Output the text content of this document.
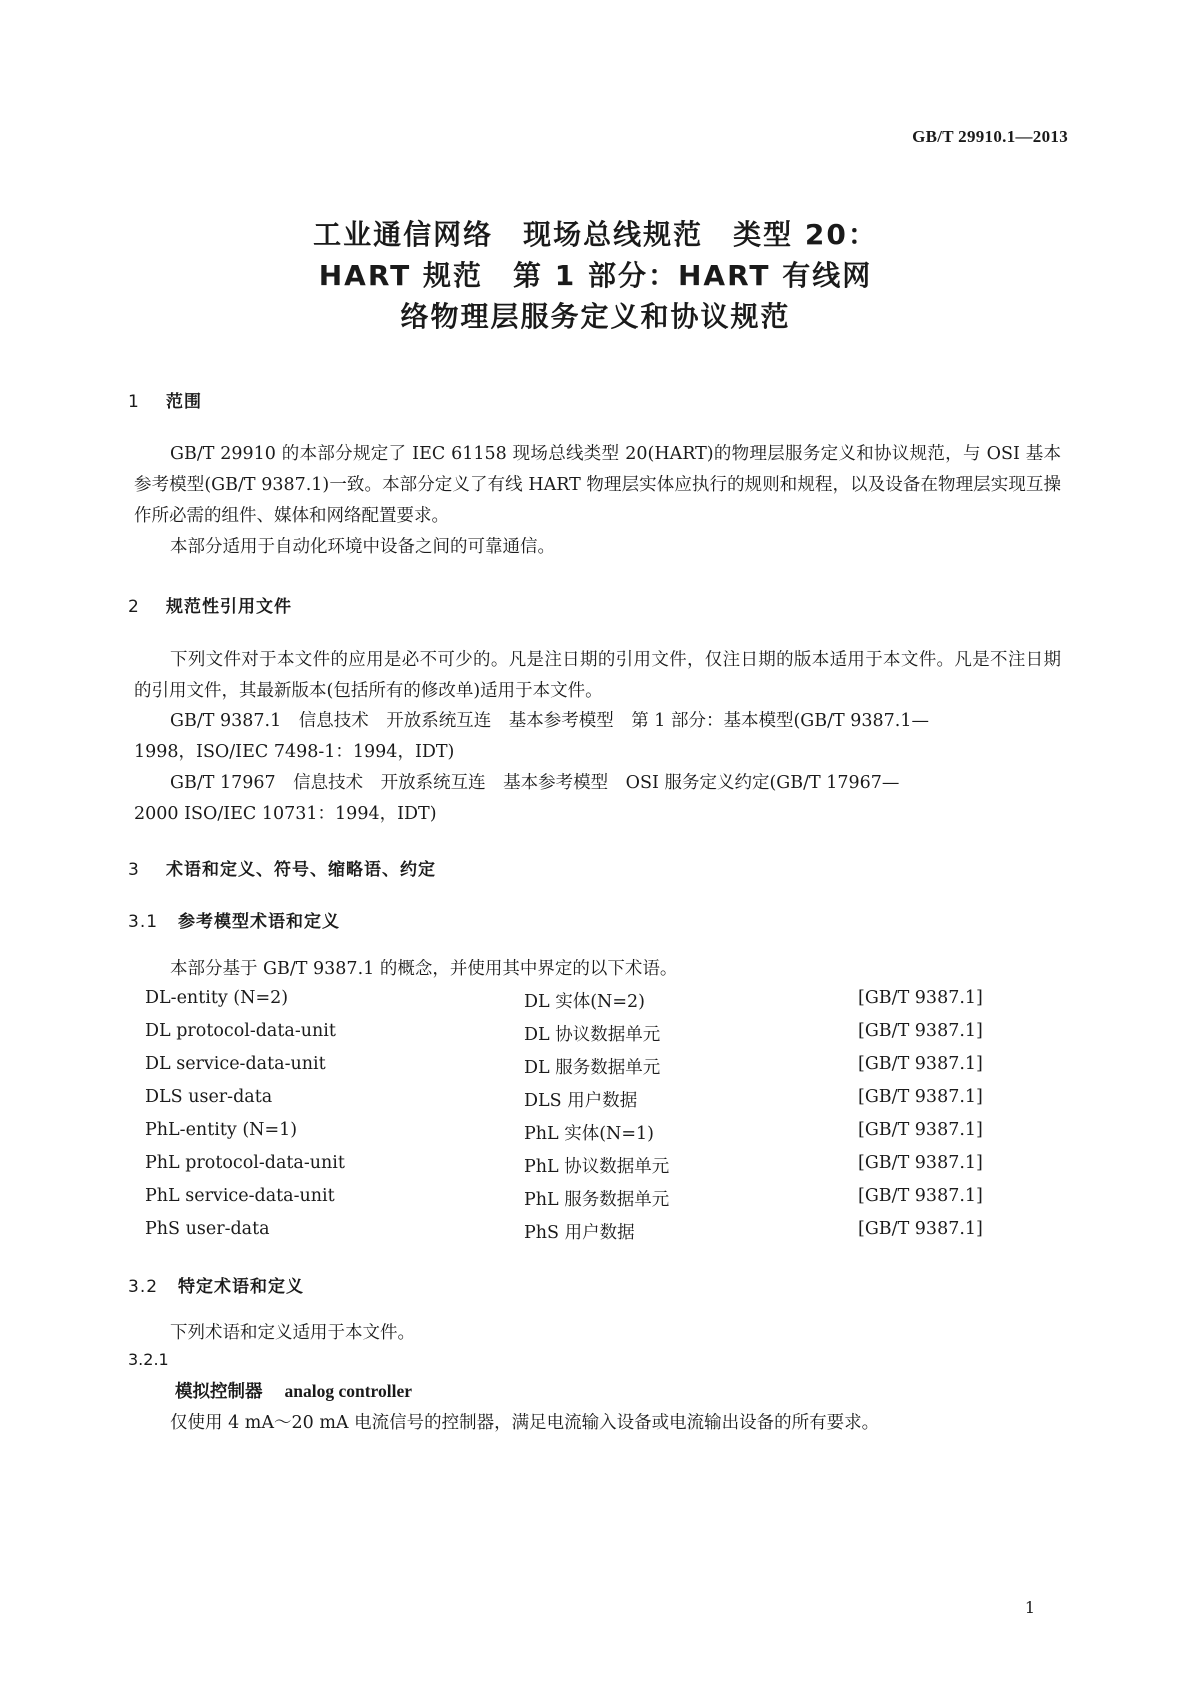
GB/T 29910.1—2013
工业通信网络　现场总线规范　类型 20：
HART 规范　第 1 部分：HART 有线网
络物理层服务定义和协议规范
1 范围
GB/T 29910 的本部分规定了 IEC 61158 现场总线类型 20(HART)的物理层服务定义和协议规范，与 OSI 基本参考模型(GB/T 9387.1)一致。本部分定义了有线 HART 物理层实体应执行的规则和规程，以及设备在物理层实现互操作所必需的组件、媒体和网络配置要求。
本部分适用于自动化环境中设备之间的可靠通信。
2 规范性引用文件
下列文件对于本文件的应用是必不可少的。凡是注日期的引用文件，仅注日期的版本适用于本文件。凡是不注日期的引用文件，其最新版本(包括所有的修改单)适用于本文件。
GB/T 9387.1　信息技术　开放系统互连　基本参考模型　第 1 部分：基本模型(GB/T 9387.1—
1998，ISO/IEC 7498-1：1994，IDT)
GB/T 17967　信息技术　开放系统互连　基本参考模型　OSI 服务定义约定(GB/T 17967—
2000 ISO/IEC 10731：1994，IDT)
3 术语和定义、符号、缩略语、约定
3.1 参考模型术语和定义
本部分基于 GB/T 9387.1 的概念，并使用其中界定的以下术语。
DL-entity (N=2)	DL 实体(N=2)	[GB/T 9387.1]
DL protocol-data-unit	DL 协议数据单元	[GB/T 9387.1]
DL service-data-unit	DL 服务数据单元	[GB/T 9387.1]
DLS user-data	DLS 用户数据	[GB/T 9387.1]
PhL-entity (N=1)	PhL 实体(N=1)	[GB/T 9387.1]
PhL protocol-data-unit	PhL 协议数据单元	[GB/T 9387.1]
PhL service-data-unit	PhL 服务数据单元	[GB/T 9387.1]
PhS user-data	PhS 用户数据	[GB/T 9387.1]
3.2 特定术语和定义
下列术语和定义适用于本文件。
3.2.1
模拟控制器 analog controller
仅使用 4 mA～20 mA 电流信号的控制器，满足电流输入设备或电流输出设备的所有要求。
1
